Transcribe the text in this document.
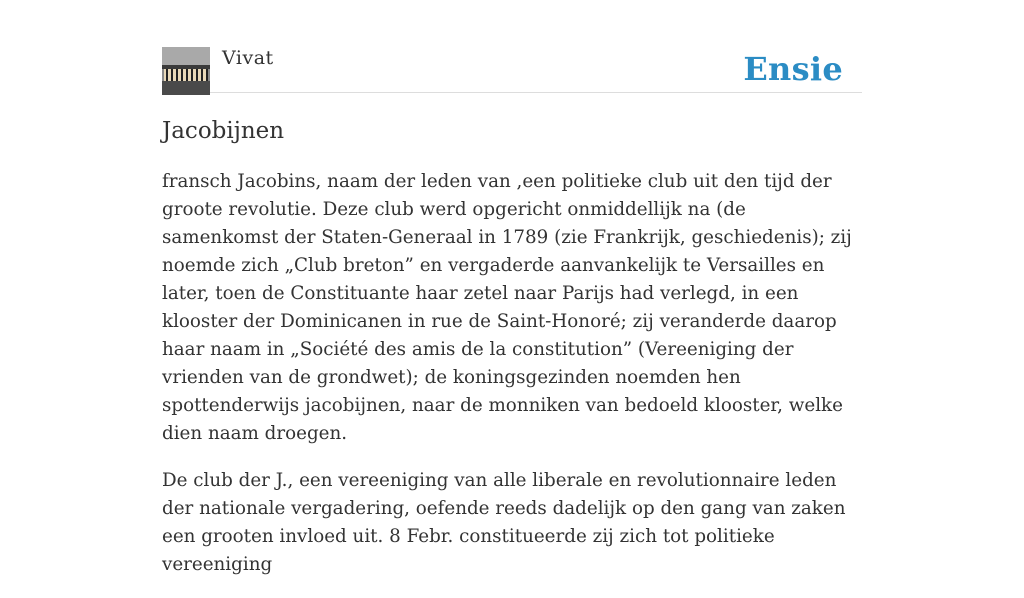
Vivat	Ensie
Jacobijnen

fransch Jacobins, naam der leden van ,een politieke club uit den tijd der groote revolutie. Deze club werd opgericht onmiddellijk na (de samenkomst der Staten-Generaal in 1789 (zie Frankrijk, geschiedenis); zij noemde zich „Club breton” en vergaderde aanvankelijk te Versailles en later, toen de Constituante haar zetel naar Parijs had verlegd, in een klooster der Dominicanen in rue de Saint-Honoré; zij veranderde daarop haar naam in „Société des amis de la constitution” (Vereeniging der vrienden van de grondwet); de koningsgezinden noemden hen spottenderwijs jacobijnen, naar de monniken van bedoeld klooster, welke dien naam droegen.

De club der J., een vereeniging van alle liberale en revolutionnaire leden der nationale vergadering, oefende reeds dadelijk op den gang van zaken een grooten invloed uit. 8 Febr. constitueerde zij zich tot politieke vereeniging
